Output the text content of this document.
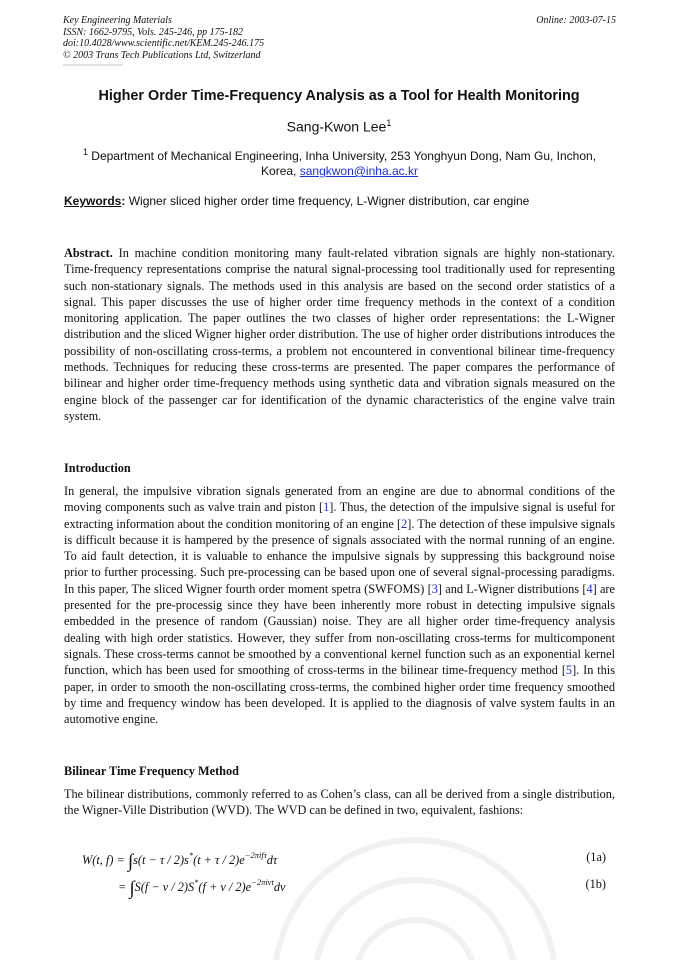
Key Engineering Materials
ISSN: 1662-9795, Vols. 245-246, pp 175-182
doi:10.4028/www.scientific.net/KEM.245-246.175
© 2003 Trans Tech Publications Ltd, Switzerland
Online: 2003-07-15
Higher Order Time-Frequency Analysis as a Tool for Health Monitoring
Sang-Kwon Lee$^1$
$^1$ Department of Mechanical Engineering, Inha University, 253 Yonghyun Dong, Nam Gu, Inchon, Korea, sangkwon@inha.ac.kr
Keywords: Wigner sliced higher order time frequency, L-Wigner distribution, car engine

Abstract. In machine condition monitoring many fault-related vibration signals are highly non-stationary. Time-frequency representations comprise the natural signal-processing tool traditionally used for representing such non-stationary signals. The methods used in this analysis are based on the second order statistics of a signal. This paper discusses the use of higher order time frequency methods in the context of a condition monitoring application. The paper outlines the two classes of higher order representations: the L-Wigner distribution and the sliced Wigner higher order distribution. The use of higher order distributions introduces the possibility of non-oscillating cross-terms, a problem not encountered in conventional bilinear time-frequency methods. Techniques for reducing these cross-terms are presented. The paper compares the performance of bilinear and higher order time-frequency methods using synthetic data and vibration signals measured on the engine block of the passenger car for identification of the dynamic characteristics of the engine valve train system.

Introduction

In general, the impulsive vibration signals generated from an engine are due to abnormal conditions of the moving components such as valve train and piston [1]. Thus, the detection of the impulsive signal is useful for extracting information about the condition monitoring of an engine [2]. The detection of these impulsive signals is difficult because it is hampered by the presence of signals associated with the normal running of an engine. To aid fault detection, it is valuable to enhance the impulsive signals by suppressing this background noise prior to further processing. Such pre-processing can be based upon one of several signal-processing paradigms. In this paper, The sliced Wigner fourth order moment spetra (SWFOMS) [3] and L-Wigner distributions [4] are presented for the pre-processig since they have been inherently more robust in detecting impulsive signals embedded in the presence of random (Gaussian) noise. They are all higher order time-frequency analysis dealing with high order statistics. However, they suffer from non-oscillating cross-terms for multicomponent signals. These cross-terms cannot be smoothed by a conventional kernel function such as an exponential kernel function, which has been used for smoothing of cross-terms in the bilinear time-frequency method [5]. In this paper, in order to smooth the non-oscillating cross-terms, the combined higher order time frequency smoothed by time and frequency window has been developed. It is applied to the diagnosis of valve system faults in an automotive engine.

Bilinear Time Frequency Method

The bilinear distributions, commonly referred to as Cohen’s class, can all be derived from a single distribution, the Wigner-Ville Distribution (WVD). The WVD can be defined in two, equivalent, fashions:

W(t, $f) = \int s(t - \tau / 2)s^*(t + \tau / 2)e^{-2\pi if\tau}d\tau$	(1a)
= $\int S(f - \nu / 2)S^*(f + \nu / 2)e^{-2\pi i\nu t}d\nu$	(1b)
